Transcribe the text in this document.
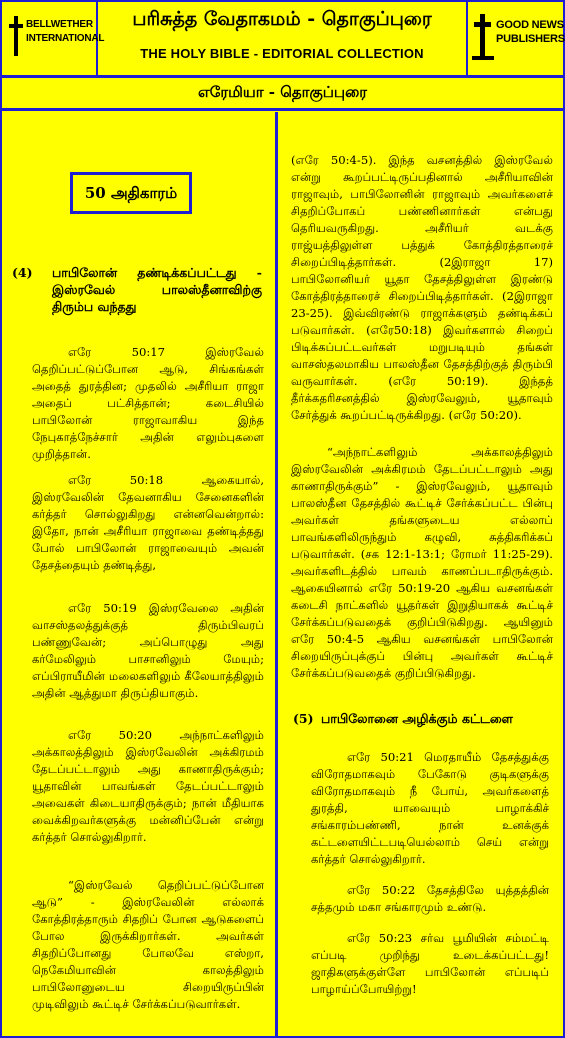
BELLWETHER
INTERNATIONAL
பரிசுத்த வேதாகமம் - தொகுப்புரை
THE HOLY BIBLE - EDITORIAL COLLECTION
GOOD NEWS
PUBLISHERS
எரேமியா - தொகுப்புரை
50 அதிகாரம்
(4) பாபிலோன் தண்டிக்கப்பட்டது - இஸ்ரவேல் பாலஸ்தீனாவிற்கு திரும்ப வந்தது
எரே 50:17 இஸ்ரவேல் தெறிப்பட்டுப்போன ஆடு, சிங்கங்கள் அதைத் துரத்தின; முதலில் அசீரியா ராஜா அதைப் பட்சித்தான்; கடைசியில் பாபிலோன் ராஜாவாகிய இந்த நேபுகாத்நேச்சார் அதின் எலும்புகளை முறித்தான்.
எரே 50:18 ஆகையால், இஸ்ரவேலின் தேவனாகிய சேனைகளின் கர்த்தர் சொல்லுகிறது என்னவென்றால்: இதோ, நான் அசீரியா ராஜாவை தண்டித்தது போல் பாபிலோன் ராஜாவையும் அவன் தேசத்தையும் தண்டித்து,
எரே 50:19 இஸ்ரவேலை அதின் வாசஸ்தலத்துக்குத் திரும்பிவரப் பண்ணுவேன்; அப்பொழுது அது கர்மேலிலும் பாசானிலும் மேயும்; எப்பிராயீமின் மலைகளிலும் கீலேயாத்திலும் அதின் ஆத்துமா திருப்தியாகும்.
எரே 50:20 அந்நாட்களிலும் அக்காலத்திலும் இஸ்ரவேலின் அக்கிரமம் தேடப்பட்டாலும் அது காணாதிருக்கும்; யூதாவின் பாவங்கள் தேடப்பட்டாலும் அவைகள் கிடையாதிருக்கும்; நான் மீதியாக வைக்கிறவர்களுக்கு மன்னிப்பேன் என்று கர்த்தர் சொல்லுகிறார்.
“இஸ்ரவேல் தெறிப்பட்டுப்போன ஆடு” - இஸ்ரவேலின் எல்லாக் கோத்திரத்தாரும் சிதறிப் போன ஆடுகளைப் போல இருக்கிறார்கள். அவர்கள் சிதறிப்போனது போலவே எஸ்றா, நெகேமியாவின் காலத்திலும் பாபிலோனுடைய சிறையிருப்பின் முடிவிலும் கூட்டிச் சேர்க்கப்படுவார்கள்.
(எரே 50:4-5). இந்த வசனத்தில் இஸ்ரவேல் என்று கூறப்பட்டிருப்பதினால் அசீரியாவின் ராஜாவும், பாபிலோனின் ராஜாவும் அவர்களைச் சிதறிப்போகப் பண்ணினார்கள் என்பது தெரியவருகிறது. அசீரியர் வடக்கு ராஜ்யத்திலுள்ள பத்துக் கோத்திரத்தாரைச் சிறைப்பிடித்தார்கள். (2இராஜா 17) பாபிலோனியர் யூதா தேசத்திலுள்ள இரண்டு கோத்திரத்தாரைச் சிறைப்பிடித்தார்கள். (2இராஜா 23-25). இவ்விரண்டு ராஜாக்களும் தண்டிக்கப் படுவார்கள். (எரே50:18) இவர்களால் சிறைப் பிடிக்கப்பட்டவர்கள் மறுபடியும் தங்கள் வாசஸ்தலமாகிய பாலஸ்தீன தேசத்திற்குத் திரும்பி வருவார்கள். (எரே 50:19). இந்தத் தீர்க்கதரிசனத்தில் இஸ்ரவேலும், யூதாவும் சேர்த்துக் கூறப்பட்டிருக்கிறது. (எரே 50:20).
“அந்நாட்களிலும் அக்காலத்திலும் இஸ்ரவேலின் அக்கிரமம் தேடப்பட்டாலும் அது காணாதிருக்கும்” - இஸ்ரவேலும், யூதாவும் பாலஸ்தீன தேசத்தில் கூட்டிச் சேர்க்கப்பட்ட பின்பு அவர்கள் தங்களுடைய எல்லாப் பாவங்களிலிருந்தும் கழுவி, சுத்திகரிக்கப் படுவார்கள். (சக 12:1-13:1; ரோமர் 11:25-29). அவர்களிடத்தில் பாவம் காணப்படாதிருக்கும். ஆகையினால் எரே 50:19-20 ஆகிய வசனங்கள் கடைசி நாட்களில் யூதர்கள் இறுதியாகக் கூட்டிச் சேர்க்கப்படுவதைக் குறிப்பிடுகிறது. ஆயினும் எரே 50:4-5 ஆகிய வசனங்கள் பாபிலோன் சிறையிருப்புக்குப் பின்பு அவர்கள் கூட்டிச் சேர்க்கப்படுவதைக் குறிப்பிடுகிறது.
(5) பாபிலோனை அழிக்கும் கட்டளை
எரே 50:21 மெரதாயீம் தேசத்துக்கு விரோதமாகவும் பேகோடு குடிகளுக்கு விரோதமாகவும் நீ போய், அவர்களைத் துரத்தி, யாவையும் பாழாக்கிச் சங்காரம்பண்ணி, நான் உனக்குக் கட்டளையிட்டபடியெல்லாம் செய் என்று கர்த்தர் சொல்லுகிறார்.
எரே 50:22 தேசத்திலே யுத்தத்தின் சத்தமும் மகா சங்காரமும் உண்டு.
எரே 50:23 சர்வ பூமியின் சம்மட்டி எப்படி முறிந்து உடைக்கப்பட்டது! ஜாதிகளுக்குள்ளே பாபிலோன் எப்படிப் பாழாய்ப்போயிற்று!
